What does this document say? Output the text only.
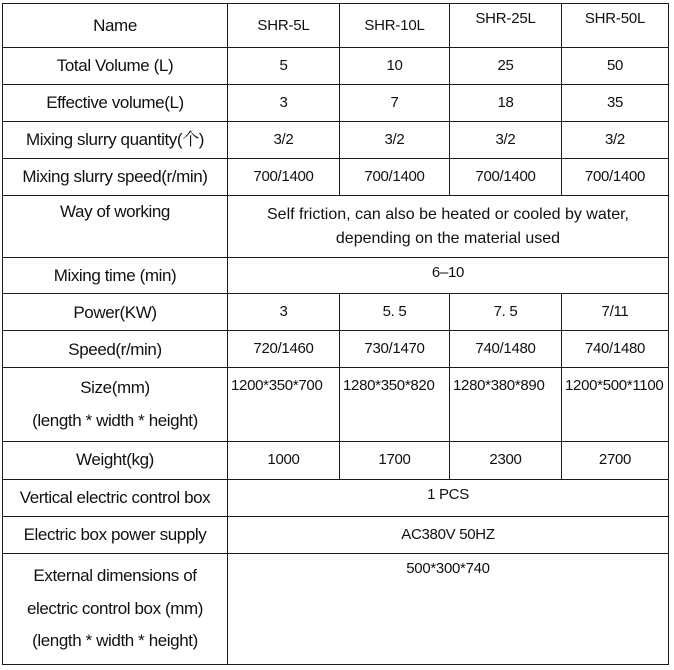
Name	SHR-5L	SHR-10L	SHR-25L	SHR-50L
Total Volume (L)	5	10	25	50
Effective volume(L)	3	7	18	35
Mixing slurry quantity(个)	3/2	3/2	3/2	3/2
Mixing slurry speed(r/min)	700/1400	700/1400	700/1400	700/1400
Way of working	Self friction, can also be heated or cooled by water,
depending on the material used			

Mixing time (min)	6–10			
Power(KW)	3	5. 5	7. 5	7/11
Speed(r/min)	720/1460	730/1470	740/1480	740/1480

Size(mm)
(length * width * height)	1200*350*700	1280*350*820	1280*380*890	1200*500*1100
Weight(kg)	1000	1700	2300	2700
Vertical electric control box	1 PCS			
Electric box power supply	AC380V 50HZ			

External dimensions of
electric control box (mm)
(length * width * height)	500*300*740			
